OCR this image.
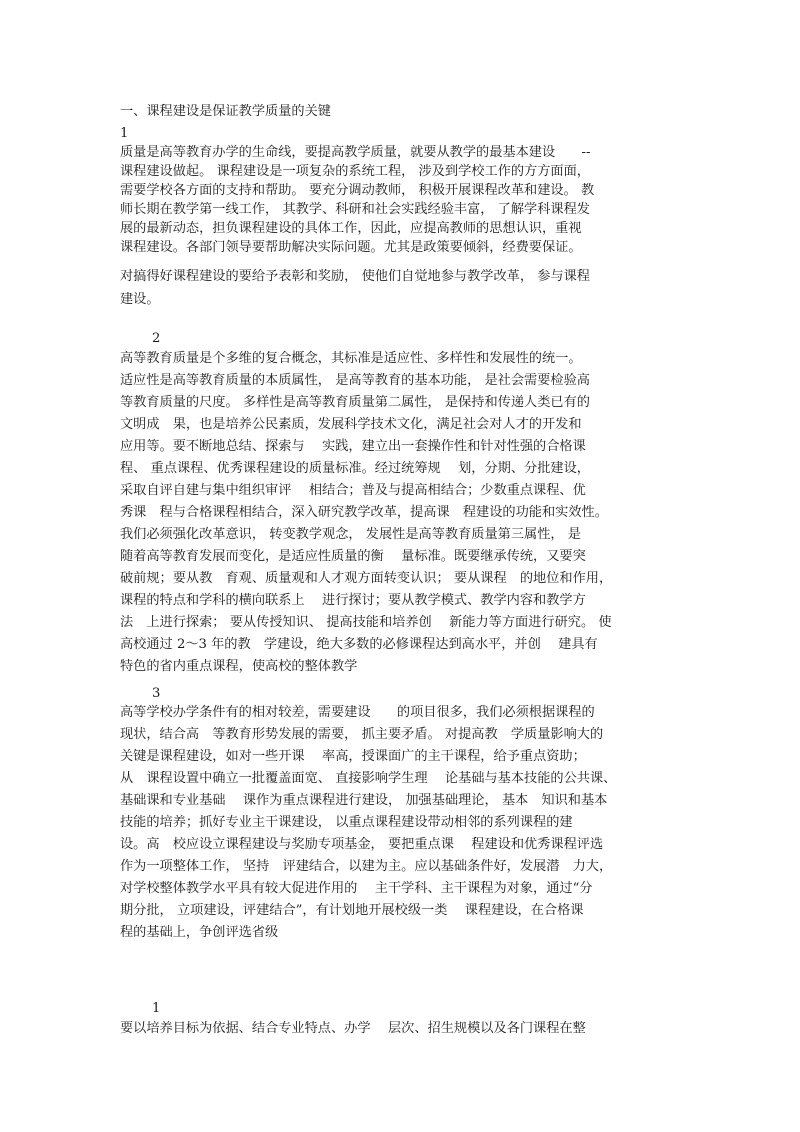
一、课程建设是保证教学质量的关键
1
质量是高等教育办学的生命线，要提高教学质量，就要从教学的最基本建设　　--
课程建设做起。 课程建设是一项复杂的系统工程， 涉及到学校工作的方方面面，
需要学校各方面的支持和帮助。 要充分调动教师， 积极开展课程改革和建设。 教
师长期在教学第一线工作， 其教学、科研和社会实践经验丰富， 了解学科课程发
展的最新动态，担负课程建设的具体工作，因此，应提高教师的思想认识，重视
课程建设。各部门领导要帮助解决实际问题。尤其是政策要倾斜，经费要保证。
对搞得好课程建设的要给予表彰和奖励， 使他们自觉地参与教学改革， 参与课程
建设。
2
高等教育质量是个多维的复合概念，其标准是适应性、多样性和发展性的统一。
适应性是高等教育质量的本质属性， 是高等教育的基本功能， 是社会需要检验高
等教育质量的尺度。 多样性是高等教育质量第二属性， 是保持和传递人类已有的
文明成　果，也是培养公民素质，发展科学技术文化，满足社会对人才的开发和
应用等。要不断地总结、探索与　 实践，建立出一套操作性和针对性强的合格课
程、 重点课程、优秀课程建设的质量标准。经过统筹规　 划，分期、分批建设，
采取自评自建与集中组织审评　 相结合；普及与提高相结合；少数重点课程、优
秀课　程与合格课程相结合，深入研究教学改革，提高课　程建设的功能和实效性。
我们必须强化改革意识， 转变教学观念， 发展性是高等教育质量第三属性， 是
随着高等教育发展而变化，是适应性质量的衡　 量标准。既要继承传统，又要突
破前规；要从教　育观、质量观和人才观方面转变认识； 要从课程　的地位和作用，
课程的特点和学科的横向联系上　 进行探讨；要从教学模式、教学内容和教学方
法　上进行探索； 要从传授知识、 提高技能和培养创　 新能力等方面进行研究。 使
高校通过 2～3 年的教　学建设，绝大多数的必修课程达到高水平，并创　 建具有
特色的省内重点课程，使高校的整体教学
3
高等学校办学条件有的相对较差，需要建设　　的项目很多，我们必须根据课程的
现状，结合高　等教育形势发展的需要， 抓主要矛盾。 对提高教　学质量影响大的
关键是课程建设，如对一些开课　 率高，授课面广的主干课程，给予重点资助；
从　课程设置中确立一批覆盖面宽、 直接影响学生理　 论基础与基本技能的公共课、
基础课和专业基础　 课作为重点课程进行建设， 加强基础理论， 基本　知识和基本
技能的培养；抓好专业主干课建设， 以重点课程建设带动相邻的系列课程的建
设。高　校应设立课程建设与奖励专项基金， 要把重点课　 程建设和优秀课程评选
作为一项整体工作， 坚持　评建结合，以建为主。应以基础条件好，发展潜　力大，
对学校整体教学水平具有较大促进作用的　 主干学科、主干课程为对象，通过“分
期分批， 立项建设，评建结合”，有计划地开展校级一类　 课程建设，在合格课
程的基础上，争创评选省级
1
要以培养目标为依据、结合专业特点、办学　 层次、招生规模以及各门课程在整
